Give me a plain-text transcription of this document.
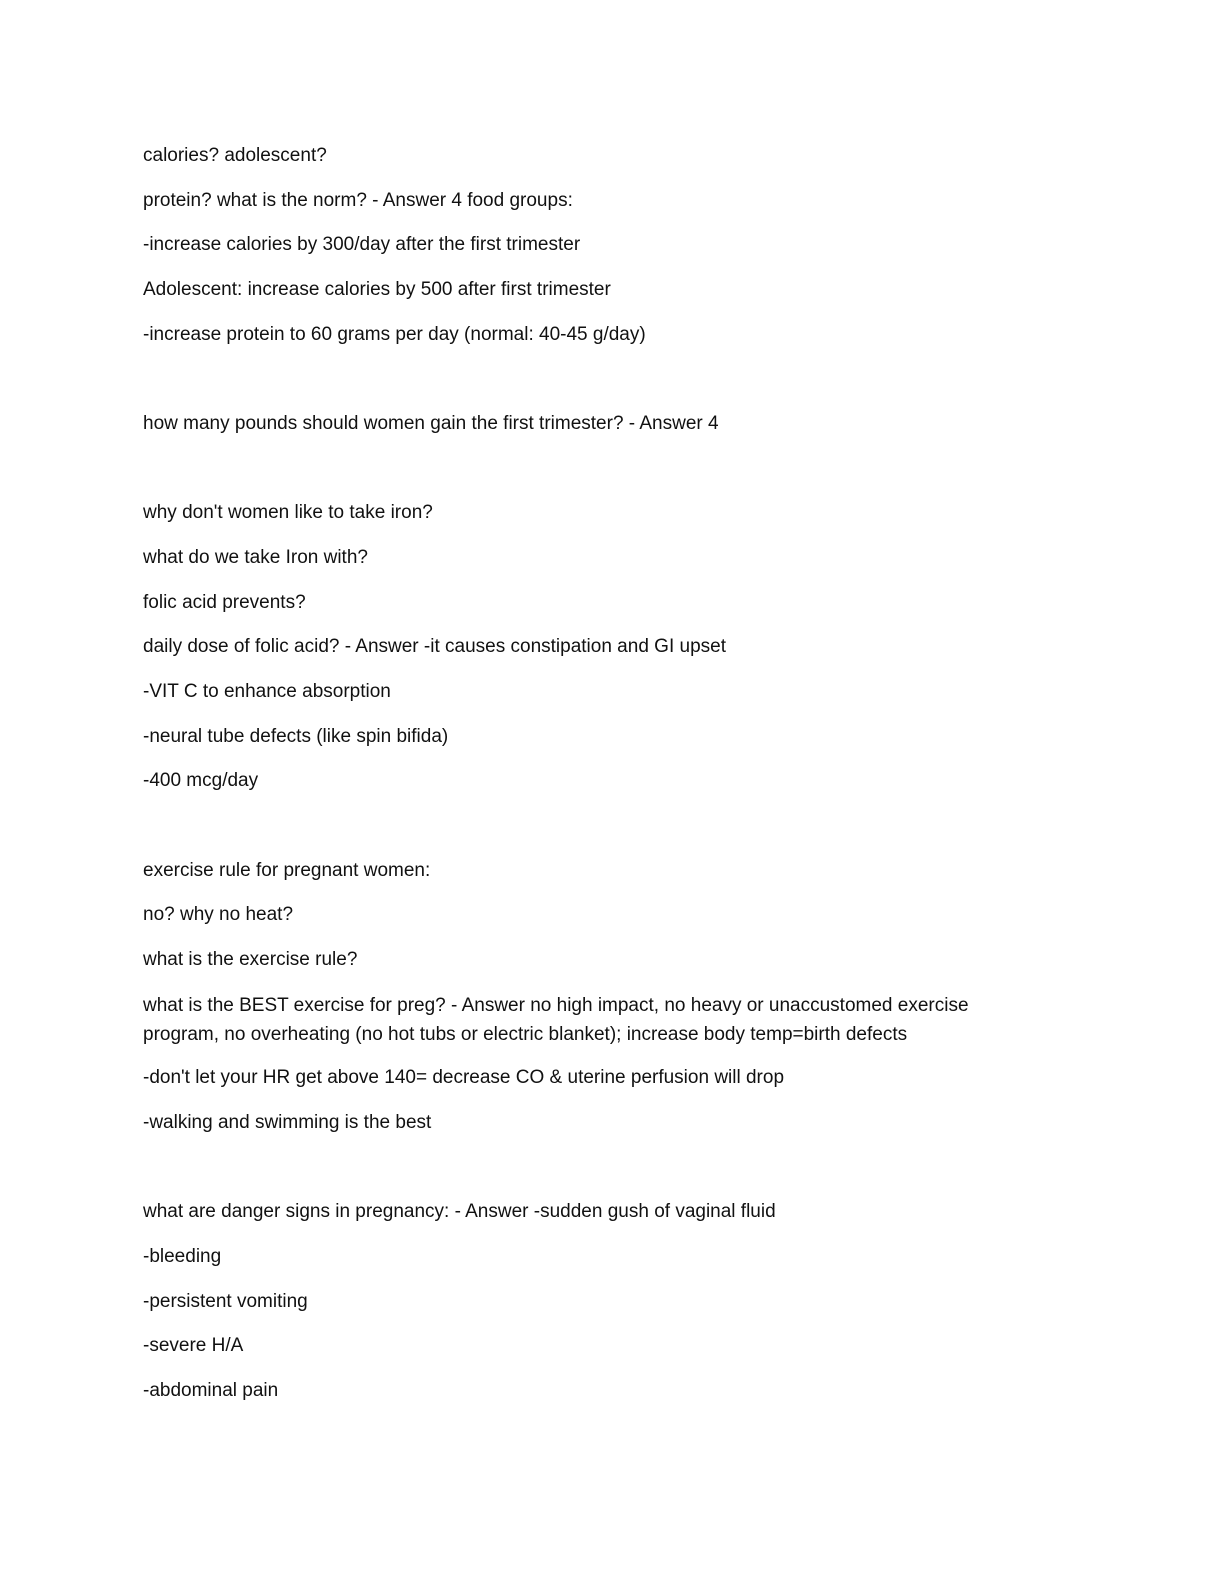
calories? adolescent?

protein? what is the norm? - Answer 4 food groups:

-increase calories by 300/day after the first trimester

Adolescent: increase calories by 500 after first trimester

-increase protein to 60 grams per day (normal: 40-45 g/day)

how many pounds should women gain the first trimester? - Answer 4

why don't women like to take iron?

what do we take Iron with?

folic acid prevents?

daily dose of folic acid? - Answer -it causes constipation and GI upset

-VIT C to enhance absorption

-neural tube defects (like spin bifida)

-400 mcg/day

exercise rule for pregnant women:

no? why no heat?

what is the exercise rule?

what is the BEST exercise for preg? - Answer no high impact, no heavy or unaccustomed exercise program, no overheating (no hot tubs or electric blanket); increase body temp=birth defects

-don't let your HR get above 140= decrease CO & uterine perfusion will drop

-walking and swimming is the best

what are danger signs in pregnancy: - Answer -sudden gush of vaginal fluid

-bleeding

-persistent vomiting

-severe H/A

-abdominal pain
